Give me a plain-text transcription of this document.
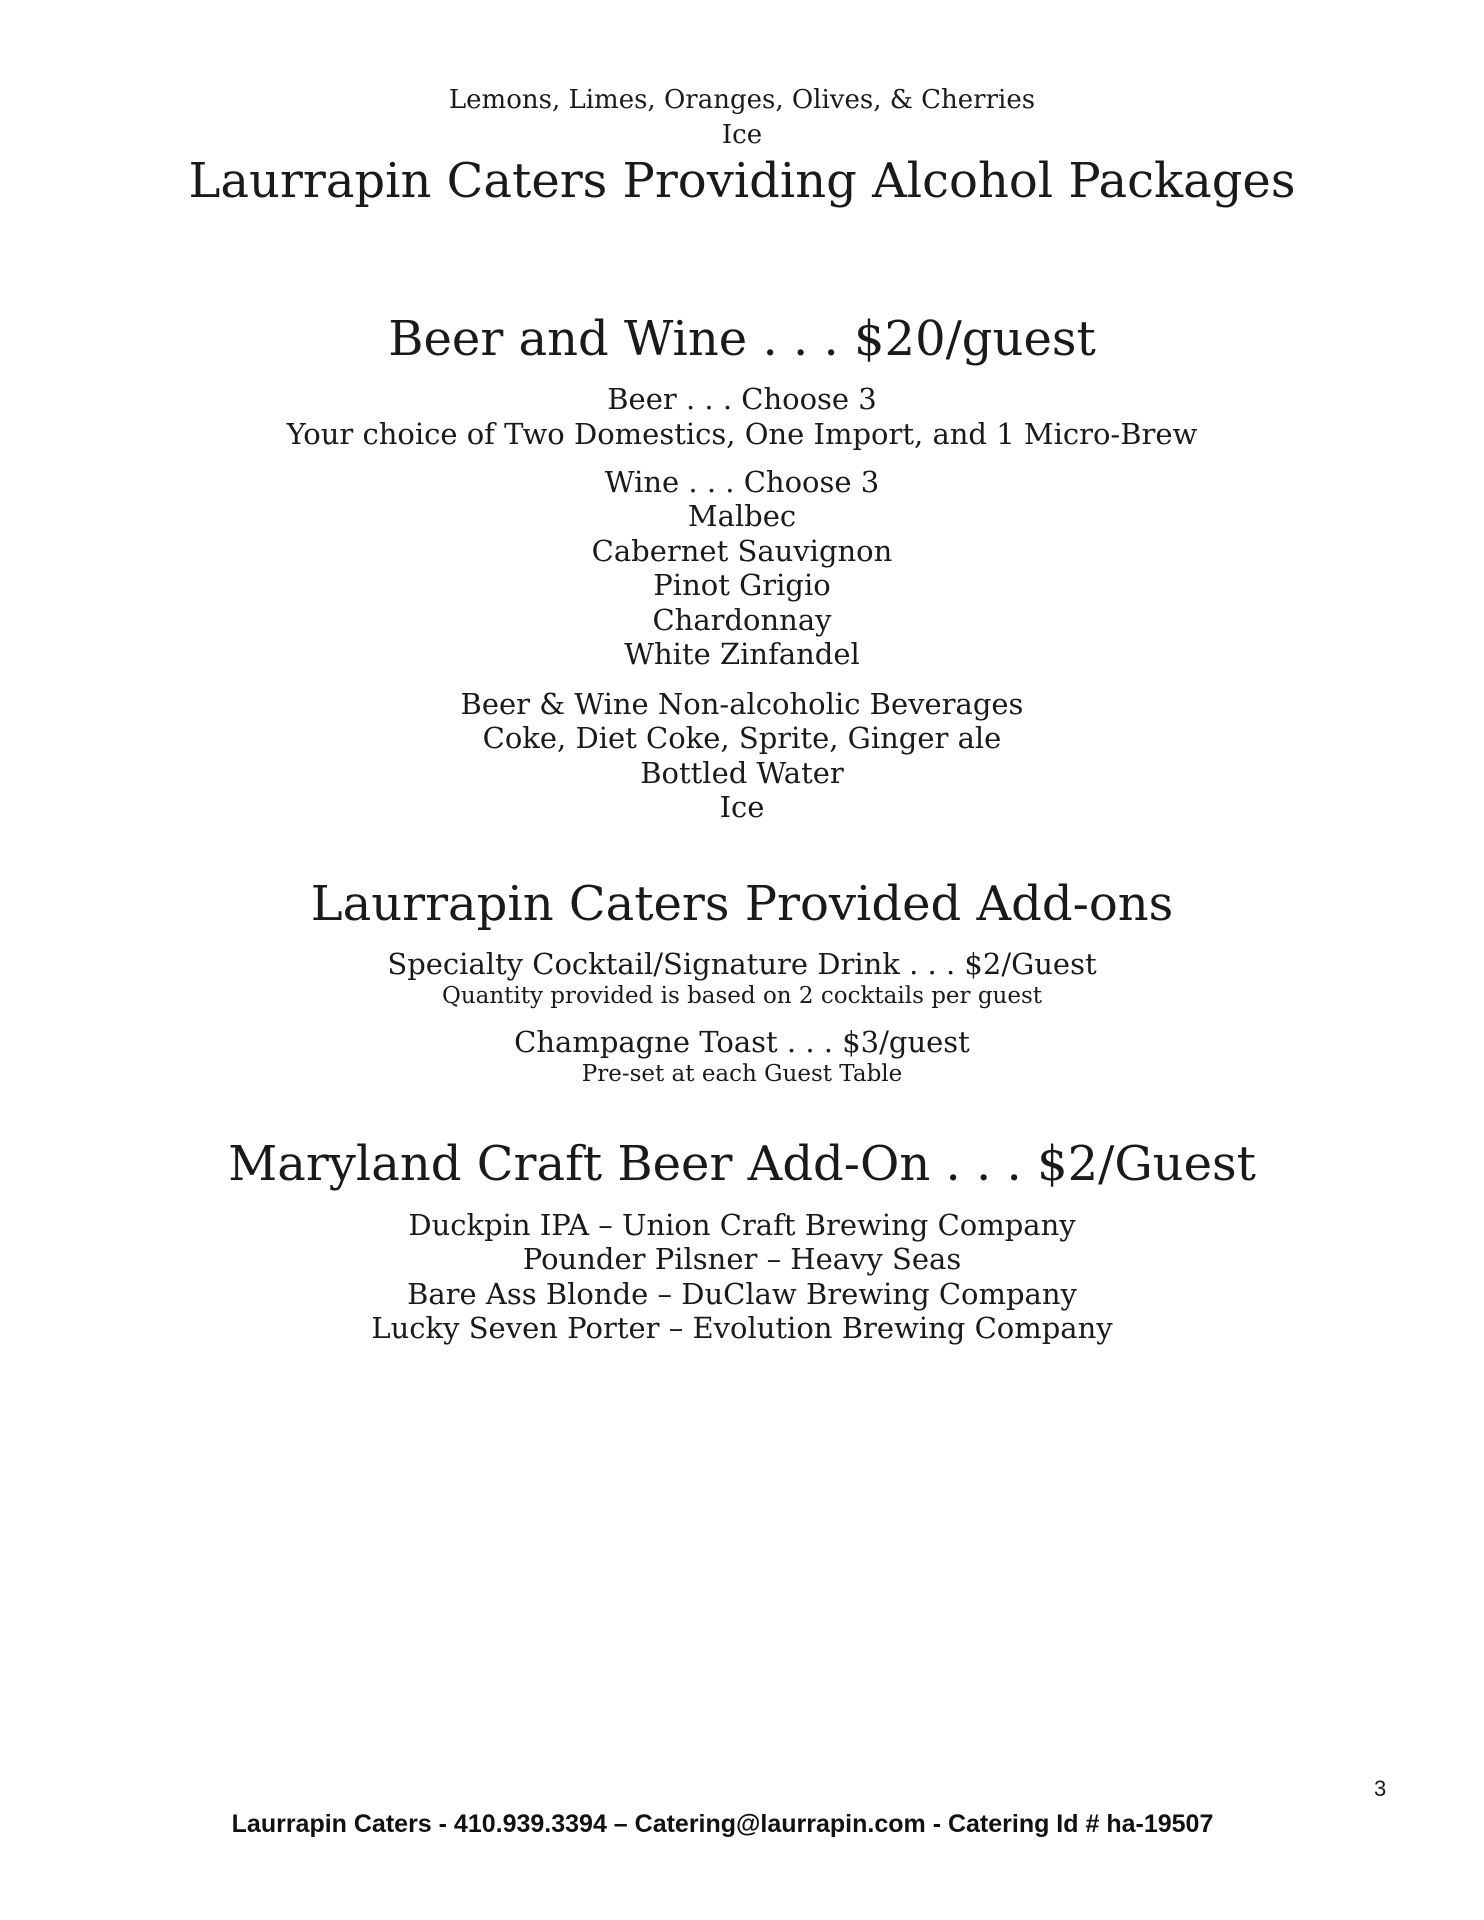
Lemons, Limes, Oranges, Olives, & Cherries
Ice
Laurrapin Caters Providing Alcohol Packages
Beer and Wine . . . $20/guest
Beer . . . Choose 3
Your choice of Two Domestics, One Import, and 1 Micro-Brew
Wine . . . Choose 3
Malbec
Cabernet Sauvignon
Pinot Grigio
Chardonnay
White Zinfandel
Beer & Wine Non-alcoholic Beverages
Coke, Diet Coke, Sprite, Ginger ale
Bottled Water
Ice
Laurrapin Caters Provided Add-ons
Specialty Cocktail/Signature Drink . . . $2/Guest
Quantity provided is based on 2 cocktails per guest
Champagne Toast . . . $3/guest
Pre-set at each Guest Table
Maryland Craft Beer Add-On . . . $2/Guest
Duckpin IPA – Union Craft Brewing Company
Pounder Pilsner – Heavy Seas
Bare Ass Blonde – DuClaw Brewing Company
Lucky Seven Porter – Evolution Brewing Company
3
Laurrapin Caters - 410.939.3394 – Catering@laurrapin.com - Catering Id # ha-19507
